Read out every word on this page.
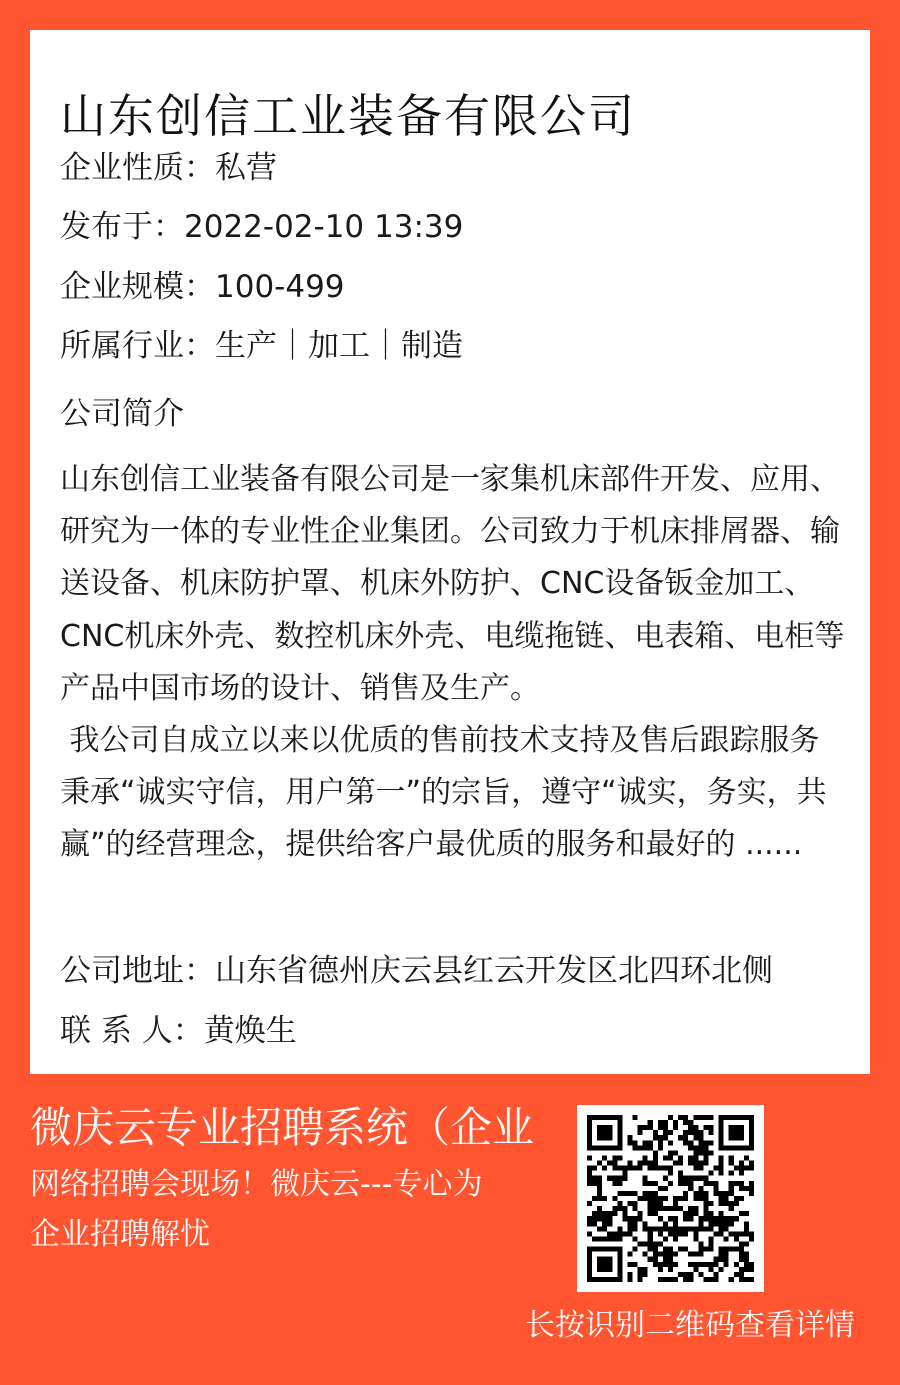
山东创信工业装备有限公司
企业性质：私营
发布于：2022-02-10 13:39
企业规模：100-499
所属行业：生产｜加工｜制造
公司简介
山东创信工业装备有限公司是一家集机床部件开发、应用、研究为一体的专业性企业集团。公司致力于机床排屑器、输送设备、机床防护罩、机床外防护、CNC设备钣金加工、CNC机床外壳、数控机床外壳、电缆拖链、电表箱、电柜等产品中国市场的设计、销售及生产。
我公司自成立以来以优质的售前技术支持及售后跟踪服务秉承“诚实守信，用户第一”的宗旨，遵守“诚实，务实，共赢”的经营理念，提供给客户最优质的服务和最好的 ......
公司地址：山东省德州庆云县红云开发区北四环北侧
联 系 人：黄焕生
微庆云专业招聘系统（企业
网络招聘会现场！微庆云---专心为企业招聘解忧
长按识别二维码查看详情
